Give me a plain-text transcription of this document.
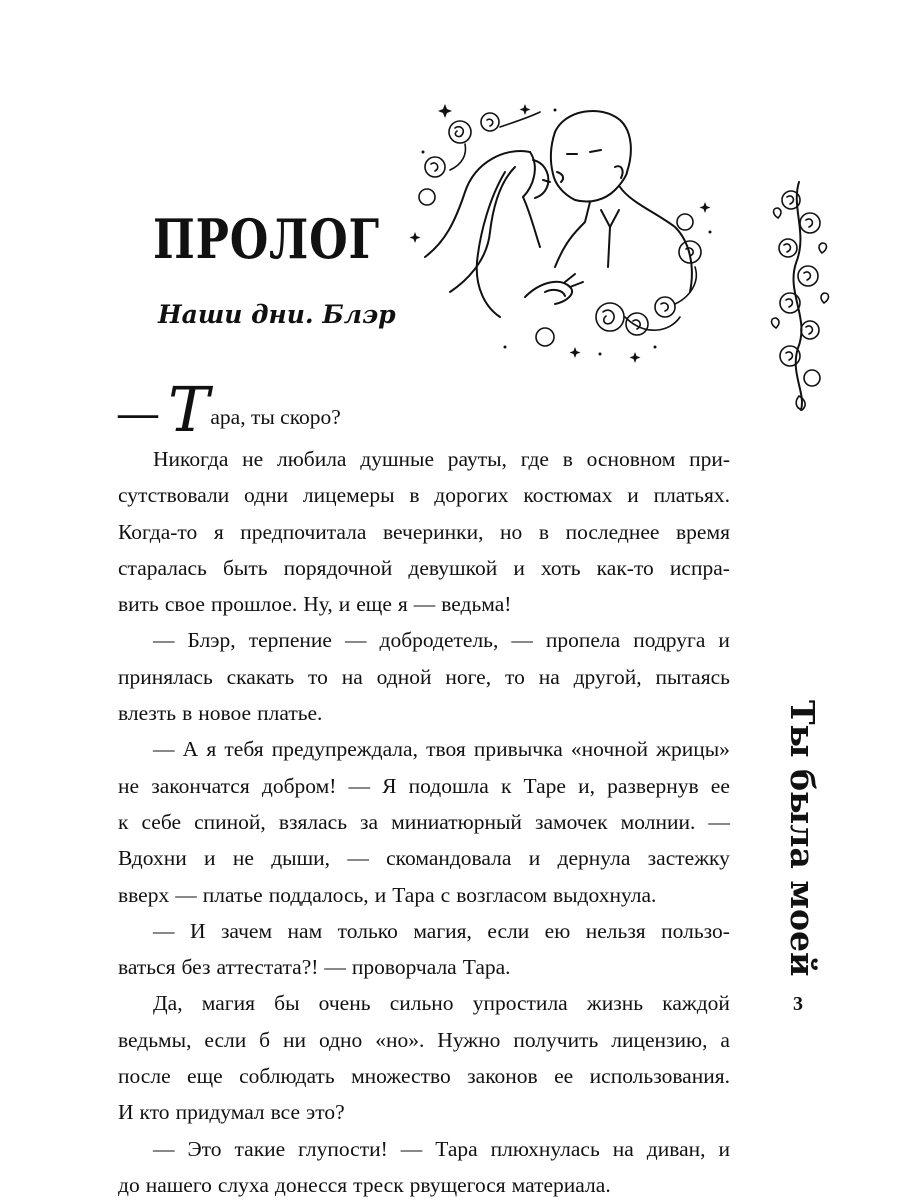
ПРОЛОГ
Наши дни. Блэр
Ты была моей
3
— Т ара, ты скоро?
Никогда не любила душные рауты, где в основном при-
сутствовали одни лицемеры в дорогих костюмах и платьях.
Когда-то я предпочитала вечеринки, но в последнее время
старалась быть порядочной девушкой и хоть как-то испра-
вить свое прошлое. Ну, и еще я — ведьма!
— Блэр, терпение — добродетель, — пропела подруга и
принялась скакать то на одной ноге, то на другой, пытаясь
влезть в новое платье.
— А я тебя предупреждала, твоя привычка «ночной жрицы»
не закончатся добром! — Я подошла к Таре и, развернув ее
к себе спиной, взялась за миниатюрный замочек молнии. —
Вдохни и не дыши, — скомандовала и дернула застежку
вверх — платье поддалось, и Тара с возгласом выдохнула.
— И зачем нам только магия, если ею нельзя пользо-
ваться без аттестата?! — проворчала Тара.
Да, магия бы очень сильно упростила жизнь каждой
ведьмы, если б ни одно «но». Нужно получить лицензию, а
после еще соблюдать множество законов ее использования.
И кто придумал все это?
— Это такие глупости! — Тара плюхнулась на диван, и
до нашего слуха донесся треск рвущегося материала.
